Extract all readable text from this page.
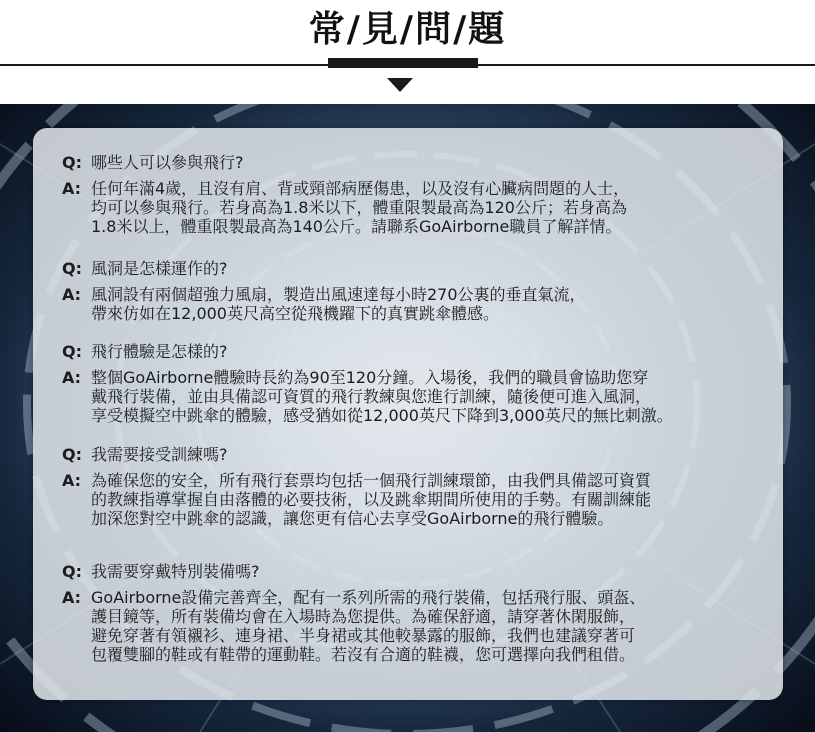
常/見/問/題
Q: 哪些人可以參與飛行?
A: 任何年滿4歲，且沒有肩、背或頸部病歷傷患，以及沒有心臟病問題的人士，
均可以參與飛行。若身高為1.8米以下，體重限製最高為120公斤；若身高為
1.8米以上，體重限製最高為140公斤。請聯系GoAirborne職員了解詳情。
Q: 風洞是怎樣運作的?
A: 風洞設有兩個超強力風扇，製造出風速達每小時270公裏的垂直氣流，
帶來仿如在12,000英尺高空從飛機躍下的真實跳傘體感。
Q: 飛行體驗是怎樣的?
A: 整個GoAirborne體驗時長約為90至120分鐘。入場後，我們的職員會協助您穿
戴飛行裝備，並由具備認可資質的飛行教練與您進行訓練，隨後便可進入風洞，
享受模擬空中跳傘的體驗，感受猶如從12,000英尺下降到3,000英尺的無比刺激。
Q: 我需要接受訓練嗎?
A: 為確保您的安全，所有飛行套票均包括一個飛行訓練環節，由我們具備認可資質
的教練指導掌握自由落體的必要技術，以及跳傘期間所使用的手勢。有關訓練能
加深您對空中跳傘的認識，讓您更有信心去享受GoAirborne的飛行體驗。
Q: 我需要穿戴特別裝備嗎?
A: GoAirborne設備完善齊全，配有一系列所需的飛行裝備，包括飛行服、頭盔、
護目鏡等，所有裝備均會在入場時為您提供。為確保舒適，請穿著休閑服飾，
避免穿著有領襯衫、連身裙、半身裙或其他較暴露的服飾，我們也建議穿著可
包覆雙腳的鞋或有鞋帶的運動鞋。若沒有合適的鞋襪，您可選擇向我們租借。
